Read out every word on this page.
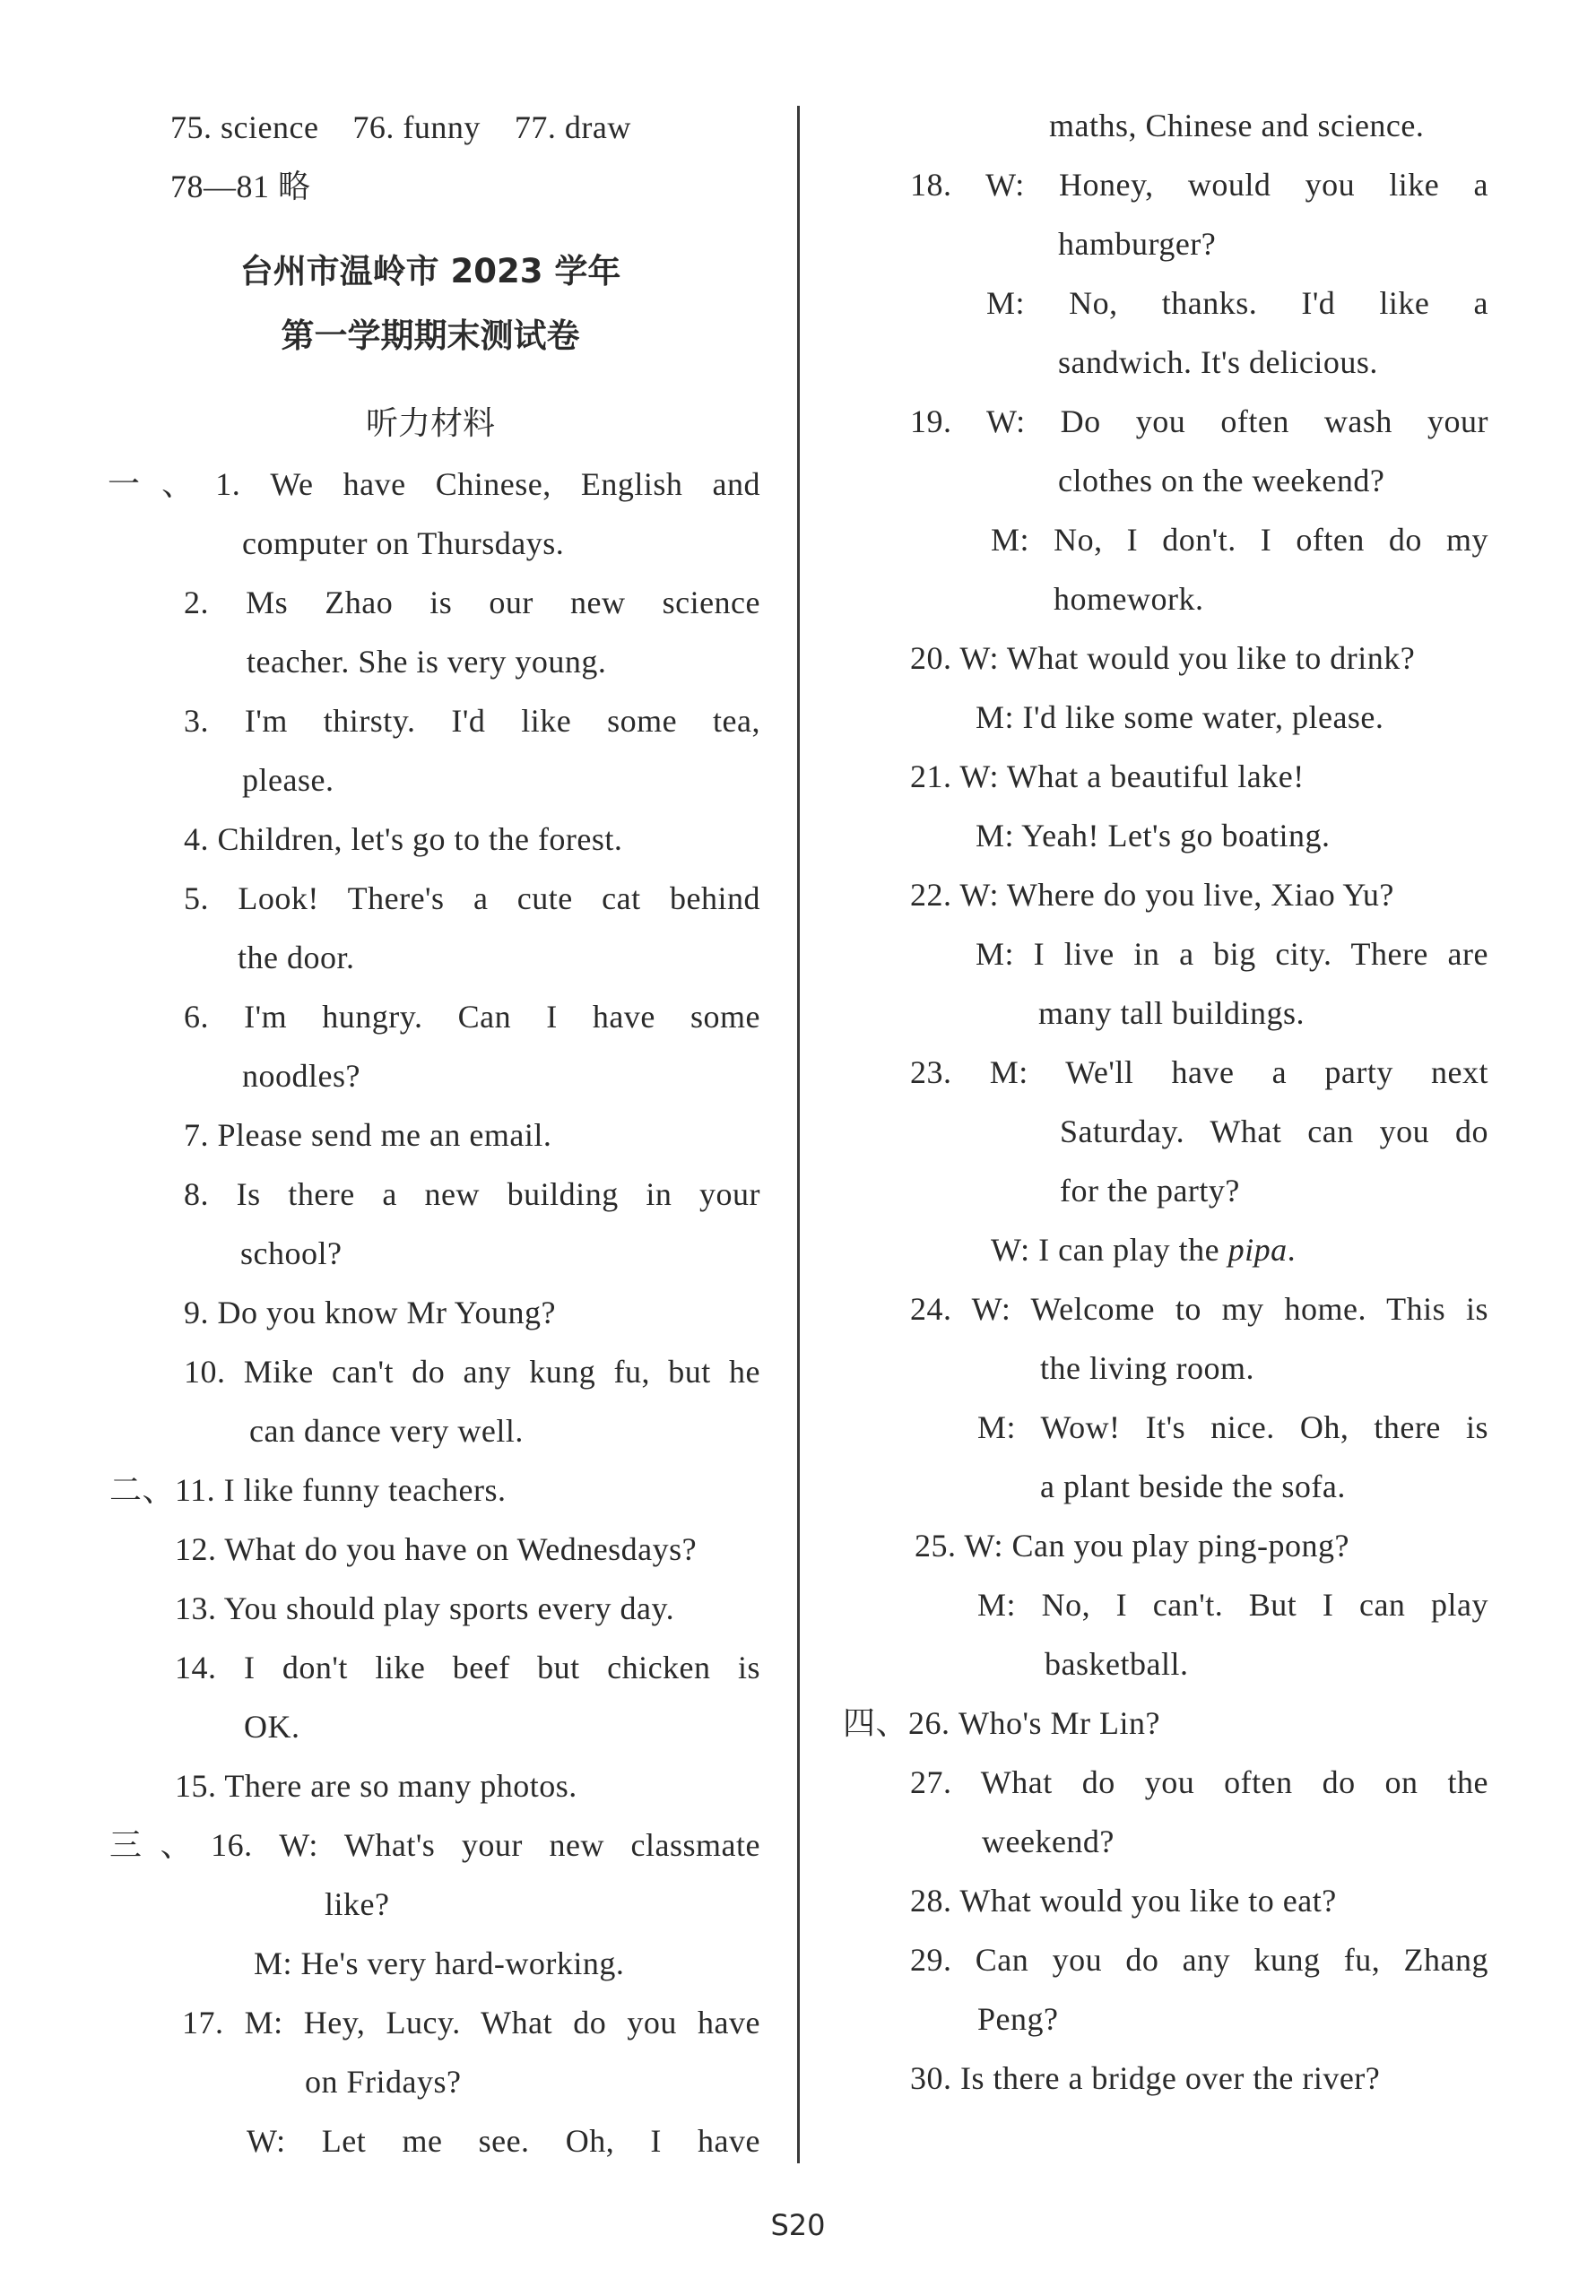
75. science    76. funny    77. draw
78—81 略
台州市温岭市 2023 学年
第一学期期末测试卷
听力材料
一、1. We have Chinese, English and
computer on Thursdays.
2. Ms Zhao is our new science
teacher. She is very young.
3. I'm thirsty. I'd like some tea,
please.
4. Children, let's go to the forest.
5. Look! There's a cute cat behind
the door.
6. I'm hungry. Can I have some
noodles?
7. Please send me an email.
8. Is there a new building in your
school?
9. Do you know Mr Young?
10. Mike can't do any kung fu, but he
can dance very well.
二、11. I like funny teachers.
12. What do you have on Wednesdays?
13. You should play sports every day.
14. I don't like beef but chicken is
OK.
15. There are so many photos.
三、16. W: What's your new classmate
like?
M: He's very hard-working.
17. M: Hey, Lucy. What do you have
on Fridays?
W: Let me see. Oh, I have
maths, Chinese and science.
18. W: Honey, would you like a
hamburger?
M: No, thanks. I'd like a
sandwich. It's delicious.
19. W: Do you often wash your
clothes on the weekend?
M: No, I don't. I often do my
homework.
20. W: What would you like to drink?
M: I'd like some water, please.
21. W: What a beautiful lake!
M: Yeah! Let's go boating.
22. W: Where do you live, Xiao Yu?
M: I live in a big city. There are
many tall buildings.
23. M: We'll have a party next
Saturday. What can you do
for the party?
W: I can play the pipa.
24. W: Welcome to my home. This is
the living room.
M: Wow! It's nice. Oh, there is
a plant beside the sofa.
25. W: Can you play ping-pong?
M: No, I can't. But I can play
basketball.
四、26. Who's Mr Lin?
27. What do you often do on the
weekend?
28. What would you like to eat?
29. Can you do any kung fu, Zhang
Peng?
30. Is there a bridge over the river?
S20
